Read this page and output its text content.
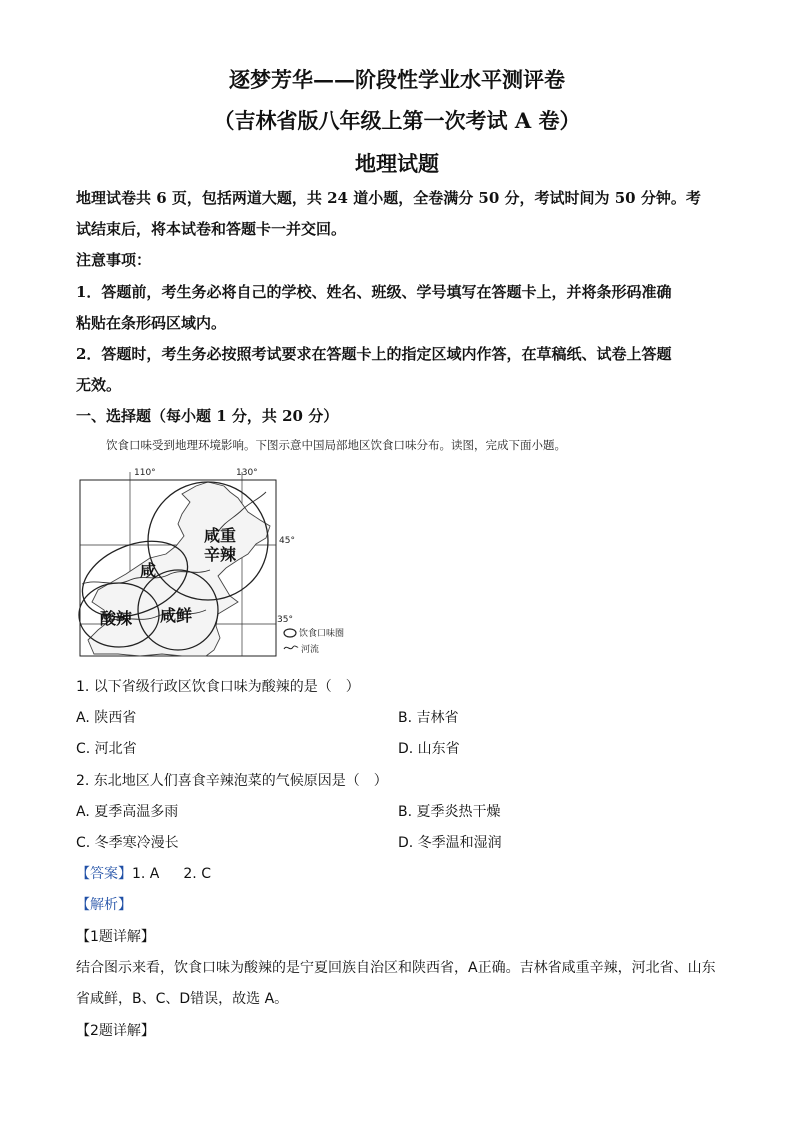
逐梦芳华——阶段性学业水平测评卷
（吉林省版八年级上第一次考试 A 卷）
地理试题
地理试卷共 6 页，包括两道大题，共 24 道小题，全卷满分 50 分，考试时间为 50 分钟。考
试结束后，将本试卷和答题卡一并交回。
注意事项：
1．答题前，考生务必将自己的学校、姓名、班级、学号填写在答题卡上，并将条形码准确
粘贴在条形码区域内。
2．答题时，考生务必按照考试要求在答题卡上的指定区域内作答，在草稿纸、试卷上答题
无效。
一、选择题（每小题 1 分，共 20 分）
饮食口味受到地理环境影响。下图示意中国局部地区饮食口味分布。读图，完成下面小题。
110°	130°
45°
35°
咸重
辛辣
咸
酸辣 咸鲜
饮食口味圈
河流
1. 以下省级行政区饮食口味为酸辣的是（　）
A. 陕西省	B. 吉林省
C. 河北省	D. 山东省
2. 东北地区人们喜食辛辣泡菜的气候原因是（　）
A. 夏季高温多雨	B. 夏季炎热干燥
C. 冬季寒冷漫长	D. 冬季温和湿润
【答案】1. A 2. C
【解析】
【1题详解】
结合图示来看，饮食口味为酸辣的是宁夏回族自治区和陕西省，A正确。吉林省咸重辛辣，河北省、山东
省咸鲜，B、C、D错误，故选 A。
【2题详解】
